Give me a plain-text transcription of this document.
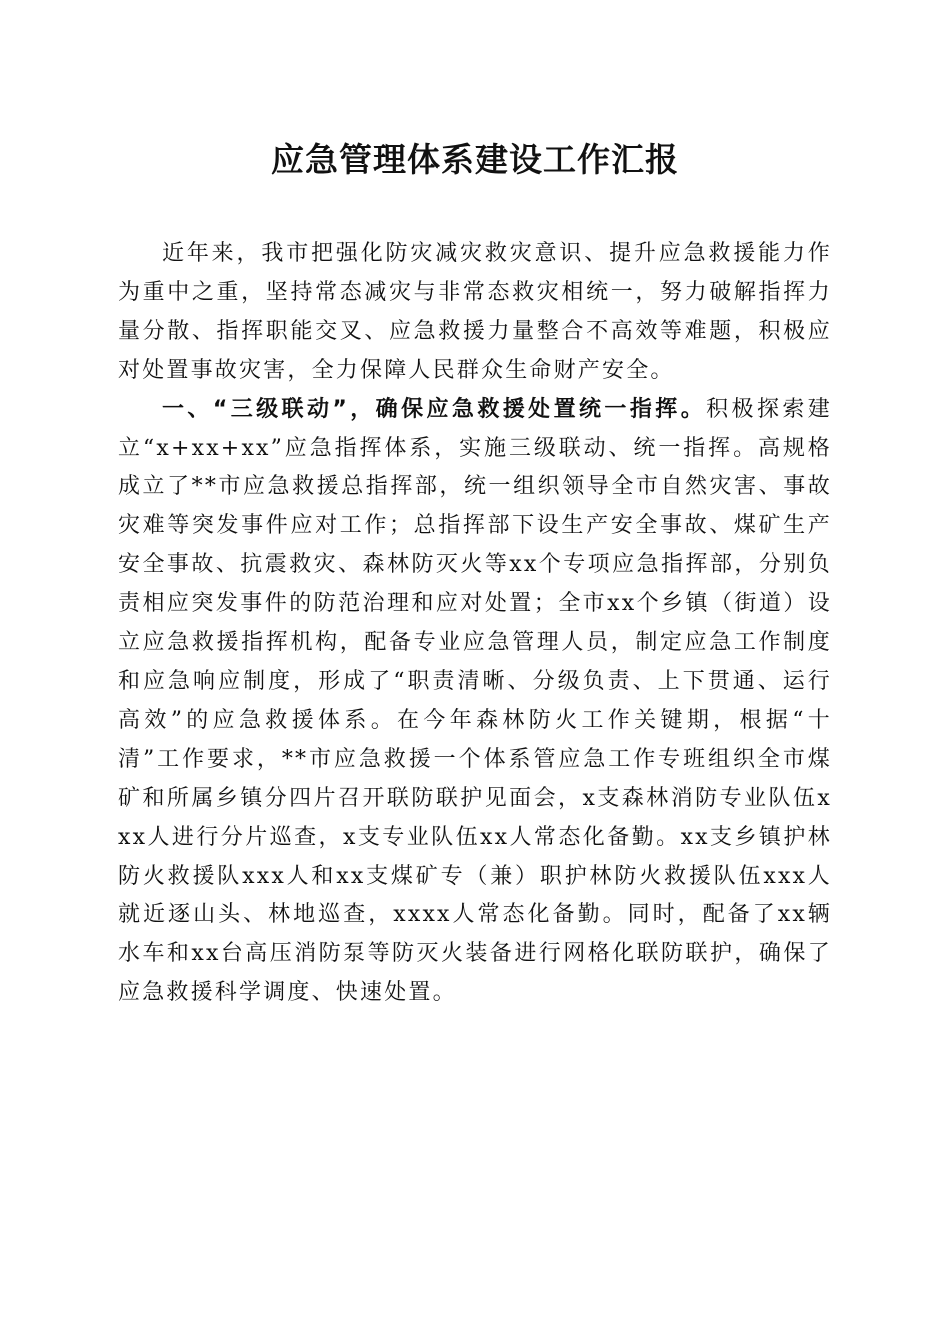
应急管理体系建设工作汇报

近年来，我市把强化防灾减灾救灾意识、提升应急救援能力作为重中之重，坚持常态减灾与非常态救灾相统一，努力破解指挥力量分散、指挥职能交叉、应急救援力量整合不高效等难题，积极应对处置事故灾害，全力保障人民群众生命财产安全。

一、“三级联动”，确保应急救援处置统一指挥。积极探索建立“x+xx+xx”应急指挥体系，实施三级联动、统一指挥。高规格成立了**市应急救援总指挥部，统一组织领导全市自然灾害、事故灾难等突发事件应对工作；总指挥部下设生产安全事故、煤矿生产安全事故、抗震救灾、森林防灭火等xx个专项应急指挥部，分别负责相应突发事件的防范治理和应对处置；全市xx个乡镇（街道）设立应急救援指挥机构，配备专业应急管理人员，制定应急工作制度和应急响应制度，形成了“职责清晰、分级负责、上下贯通、运行高效”的应急救援体系。在今年森林防火工作关键期，根据“十清”工作要求，**市应急救援一个体系管应急工作专班组织全市煤矿和所属乡镇分四片召开联防联护见面会，x支森林消防专业队伍xxx人进行分片巡查，x支专业队伍xx人常态化备勤。xx支乡镇护林防火救援队xxx人和xx支煤矿专（兼）职护林防火救援队伍xxx人就近逐山头、林地巡查，xxxx人常态化备勤。同时，配备了xx辆水车和xx台高压消防泵等防灭火装备进行网格化联防联护，确保了应急救援科学调度、快速处置。
